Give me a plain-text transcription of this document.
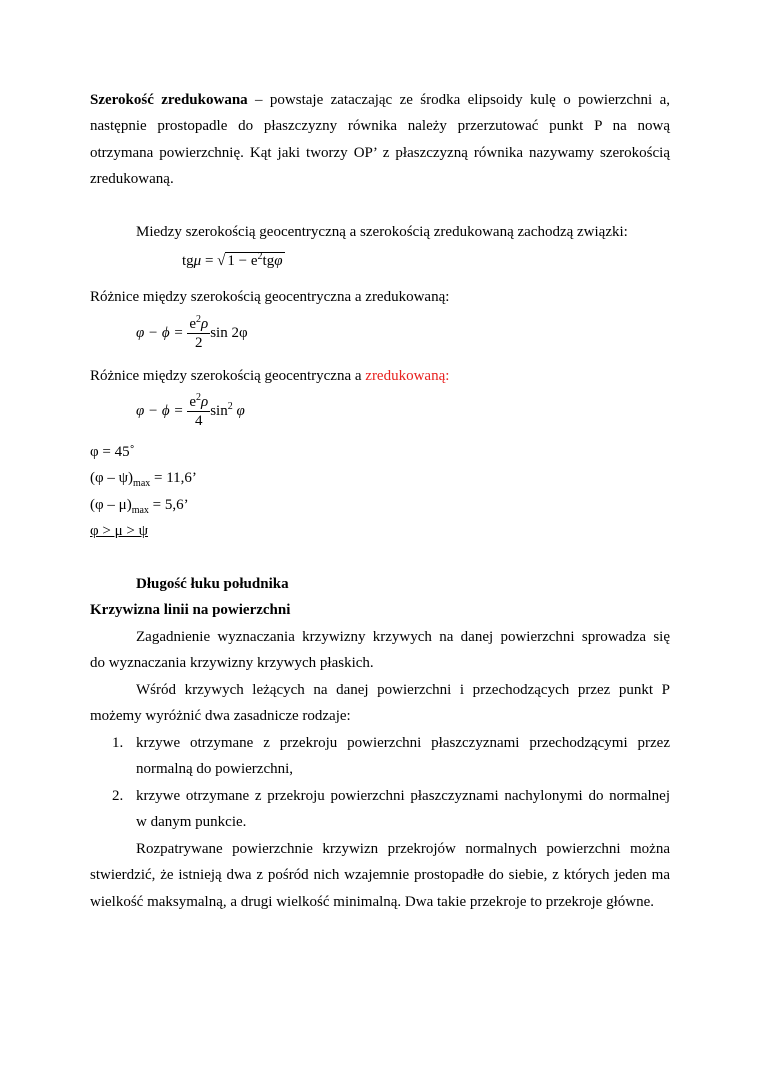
Szerokość zredukowana – powstaje zataczając ze środka elipsoidy kulę o powierzchni a,
następnie prostopadle do płaszczyzny równika należy przerzutować punkt P na nową
otrzymana powierzchnię. Kąt jaki tworzy OP’ z płaszczyzną równika nazywamy szerokością
zredukowaną.
Miedzy szerokością geocentryczną a szerokością zredukowaną zachodzą związki:
tgμ = √ $1 - e^2tg\varphi$
Różnice między szerokością geocentryczna a zredukowaną:
$\varphi - \phi = \frac{e^2\rho}{2}$ sin 2φ
Różnice między szerokością geocentryczna a zredukowaną:
$\varphi - \phi = \frac{e^2\rho}{4} \sin^2 \varphi$
φ = 45˚
$(\varphi - \psi)_{max} = 11,6$’
$(\varphi - \mu)_{max} = 5,6$’
φ > μ > ψ
Długość łuku południka
Krzywizna linii na powierzchni
Zagadnienie wyznaczania krzywizny krzywych na danej powierzchni sprowadza się
do wyznaczania krzywizny krzywych płaskich.
Wśród krzywych leżących na danej powierzchni i przechodzących przez punkt P
możemy wyróżnić dwa zasadnicze rodzaje:
1. krzywe otrzymane z przekroju powierzchni płaszczyznami przechodzącymi przez
normalną do powierzchni,
2. krzywe otrzymane z przekroju powierzchni płaszczyznami nachylonymi do normalnej
w danym punkcie.
Rozpatrywane powierzchnie krzywizn przekrojów normalnych powierzchni można
stwierdzić, że istnieją dwa z pośród nich wzajemnie prostopadłe do siebie, z których jeden ma
wielkość maksymalną, a drugi wielkość minimalną. Dwa takie przekroje to przekroje główne.
